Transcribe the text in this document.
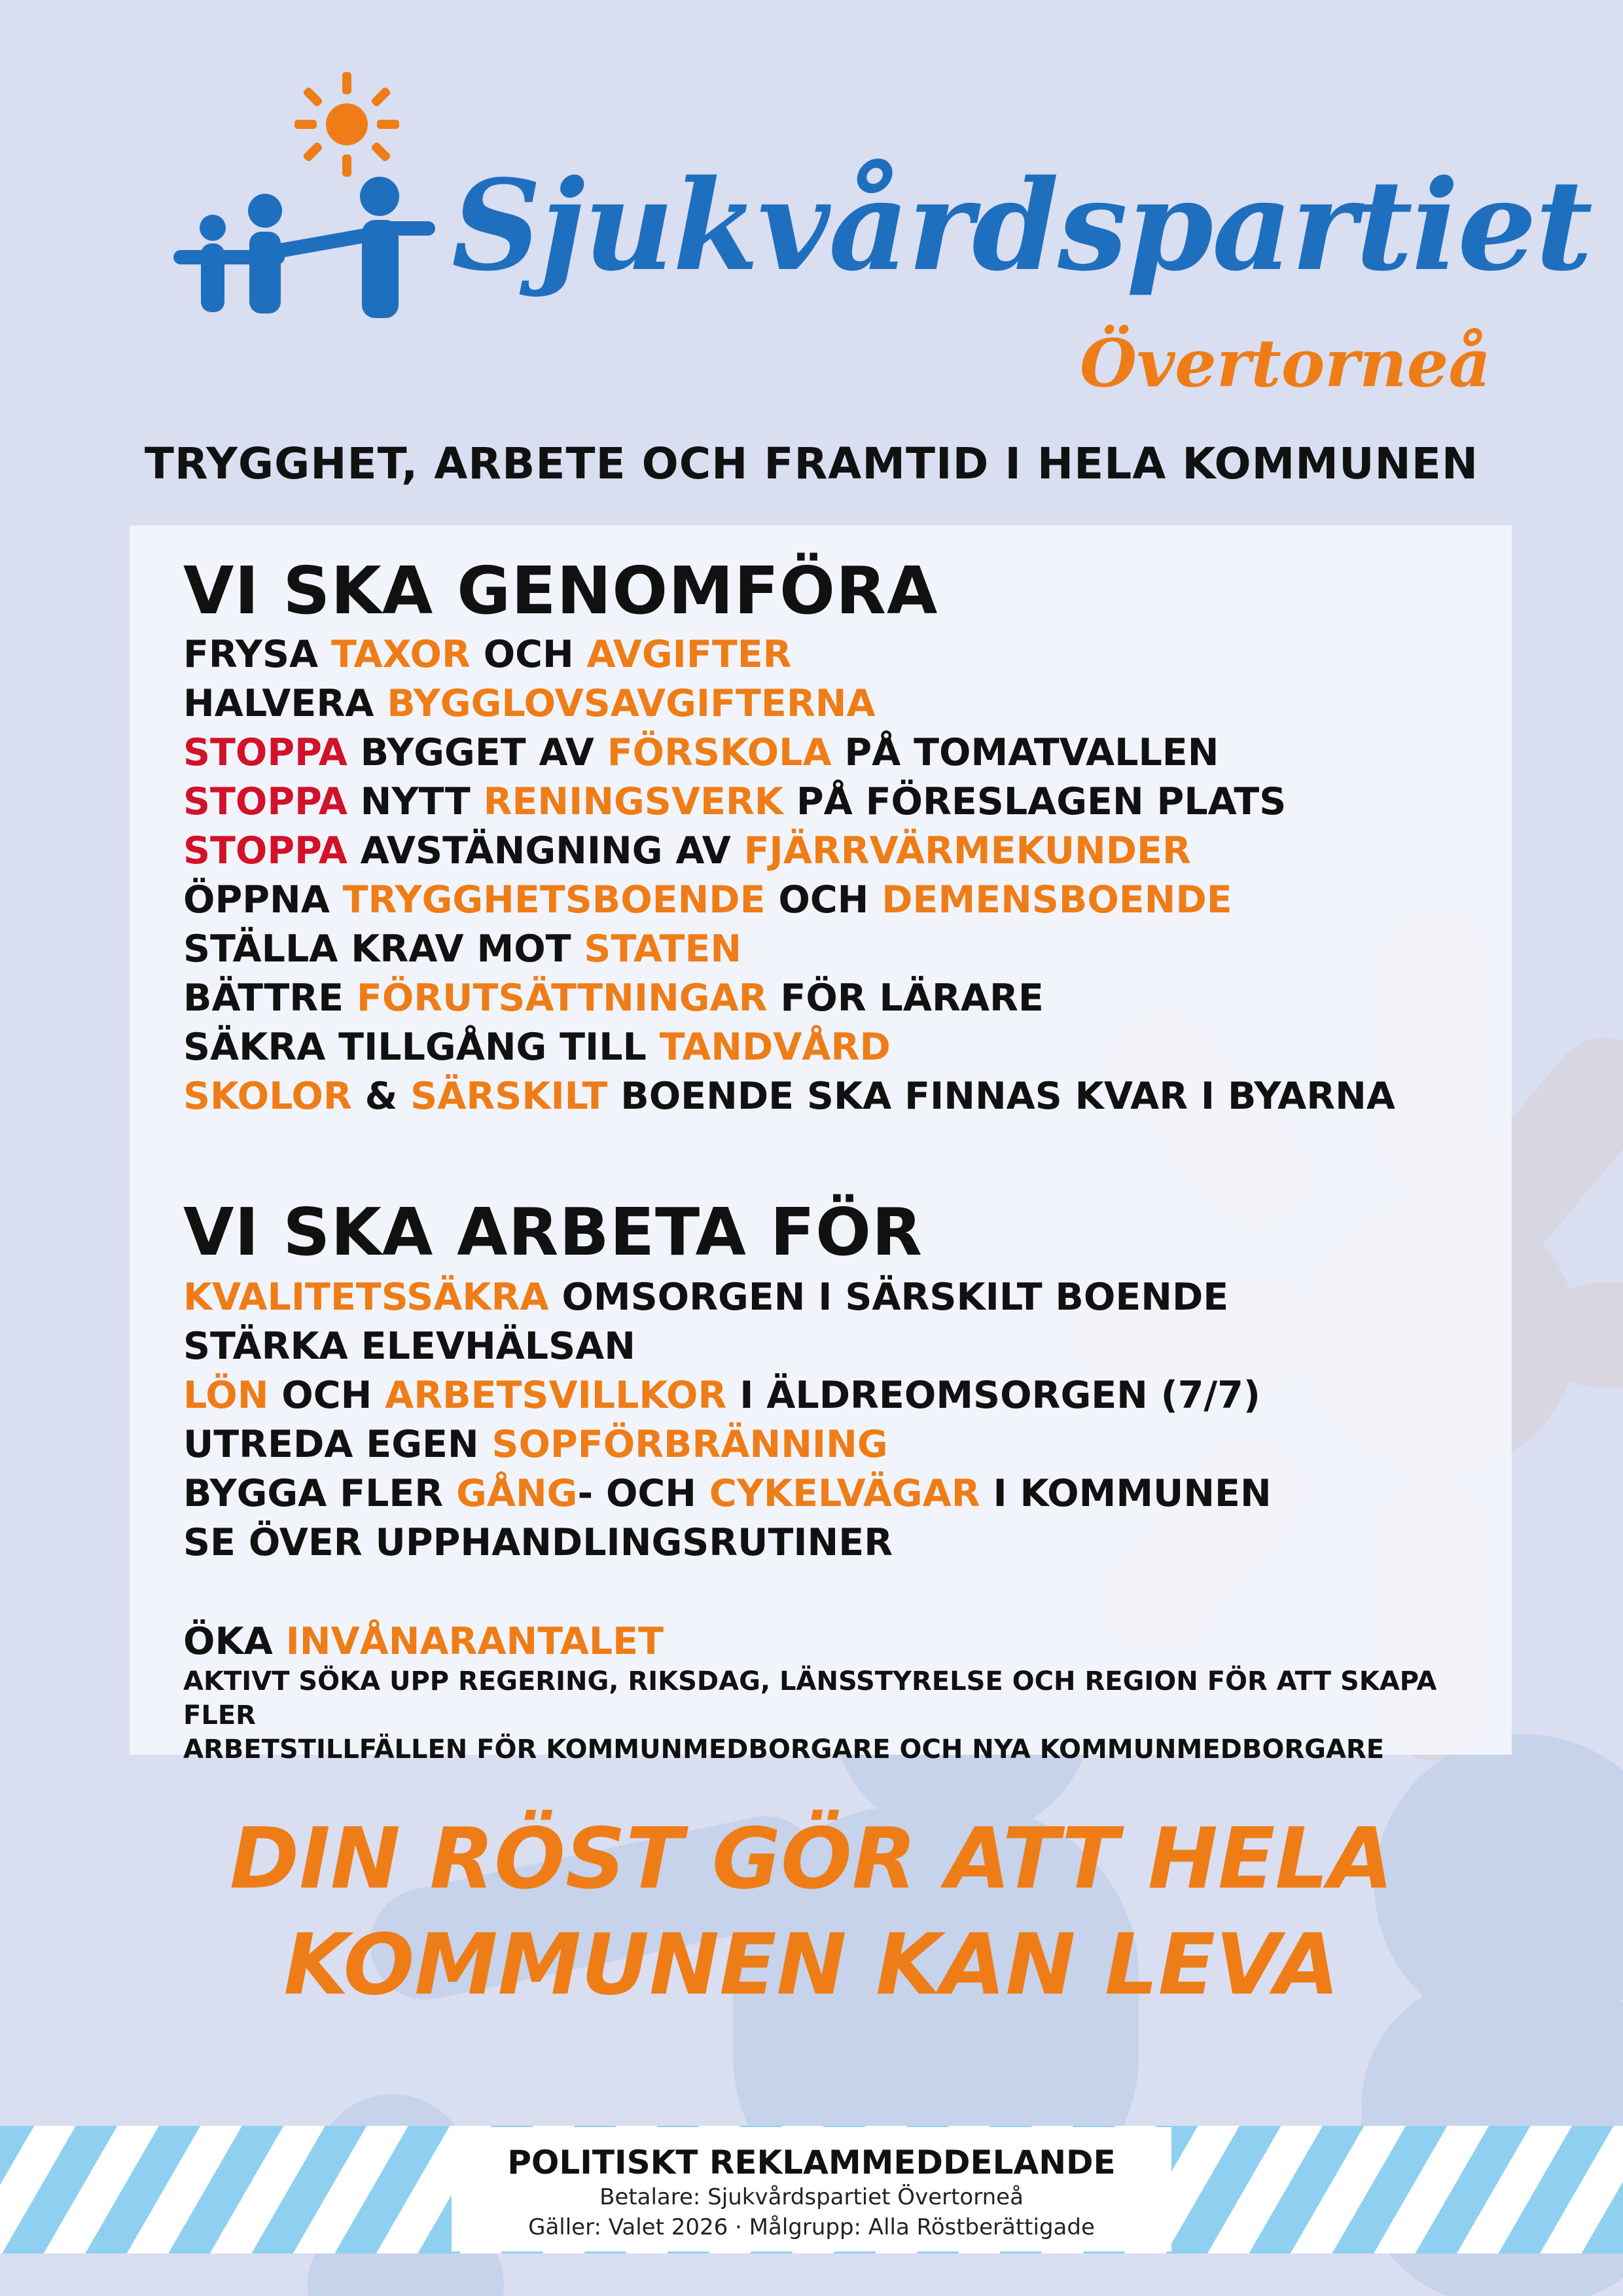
Sjukvårdspartiet
Övertorneå
TRYGGHET, ARBETE OCH FRAMTID I HELA KOMMUNEN
VI SKA GENOMFÖRA
FRYSA TAXOR OCH AVGIFTER
HALVERA BYGGLOVSAVGIFTERNA
STOPPA BYGGET AV FÖRSKOLA PÅ TOMATVALLEN
STOPPA NYTT RENINGSVERK PÅ FÖRESLAGEN PLATS
STOPPA AVSTÄNGNING AV FJÄRRVÄRMEKUNDER
ÖPPNA TRYGGHETSBOENDE OCH DEMENSBOENDE
STÄLLA KRAV MOT STATEN
BÄTTRE FÖRUTSÄTTNINGAR FÖR LÄRARE
SÄKRA TILLGÅNG TILL TANDVÅRD
SKOLOR & SÄRSKILT BOENDE SKA FINNAS KVAR I BYARNA
VI SKA ARBETA FÖR
KVALITETSSÄKRA OMSORGEN I SÄRSKILT BOENDE
STÄRKA ELEVHÄLSAN
LÖN OCH ARBETSVILLKOR I ÄLDREOMSORGEN (7/7)
UTREDA EGEN SOPFÖRBRÄNNING
BYGGA FLER GÅNG- OCH CYKELVÄGAR I KOMMUNEN
SE ÖVER UPPHANDLINGSRUTINER
ÖKA INVÅNARANTALET
AKTIVT SÖKA UPP REGERING, RIKSDAG, LÄNSSTYRELSE OCH REGION FÖR ATT SKAPA FLER
ARBETSTILLFÄLLEN FÖR KOMMUNMEDBORGARE OCH NYA KOMMUNMEDBORGARE
DIN RÖST GÖR ATT HELA
KOMMUNEN KAN LEVA
POLITISKT REKLAMMEDDELANDE
Betalare: Sjukvårdspartiet Övertorneå
Gäller: Valet 2026 · Målgrupp: Alla Röstberättigade
